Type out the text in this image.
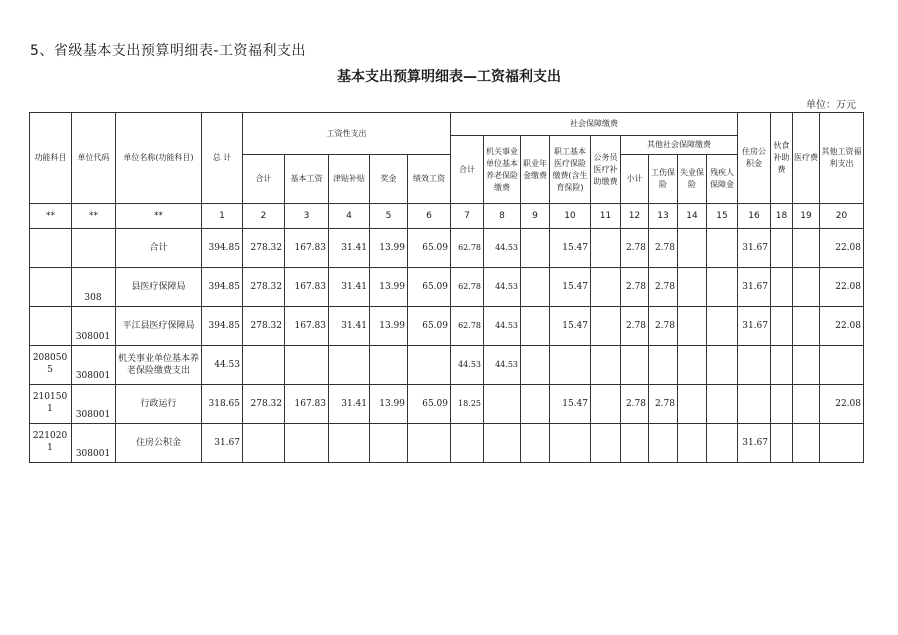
5、省级基本支出预算明细表-工资福利支出
基本支出预算明细表—工资福利支出
单位：万元
功能科目	单位代码	单位名称(功能科目)	总 计	工资性支出					社会保障缴费									住房公积金	伙食补助费	医疗费	其他工资福利支出
									合计	机关事业单位基本养老保险缴费	职业年金缴费	职工基本医疗保险缴费(含生育保险)	公务员医疗补助缴费	其他社会保障缴费							
				合计	基本工资	津贴补贴	奖金	绩效工资						小计	工伤保险	失业保险	残疾人保障金				
**	**	**	1	2	3	4	5	6	7	8	9	10	11	12	13	14	15	16	18	19	20
		合计	394.85	278.32	167.83	31.41	13.99	65.09	62.78	44.53		15.47		2.78	2.78			31.67			22.08
	308	县医疗保障局	394.85	278.32	167.83	31.41	13.99	65.09	62.78	44.53		15.47		2.78	2.78			31.67			22.08
	308001	平江县医疗保障局	394.85	278.32	167.83	31.41	13.99	65.09	62.78	44.53		15.47		2.78	2.78			31.67			22.08
2080505	308001	机关事业单位基本养老保险缴费支出	44.53						44.53	44.53											
2101501	308001	行政运行	318.65	278.32	167.83	31.41	13.99	65.09	18.25			15.47		2.78	2.78						22.08
2210201	308001	住房公积金	31.67															31.67			
